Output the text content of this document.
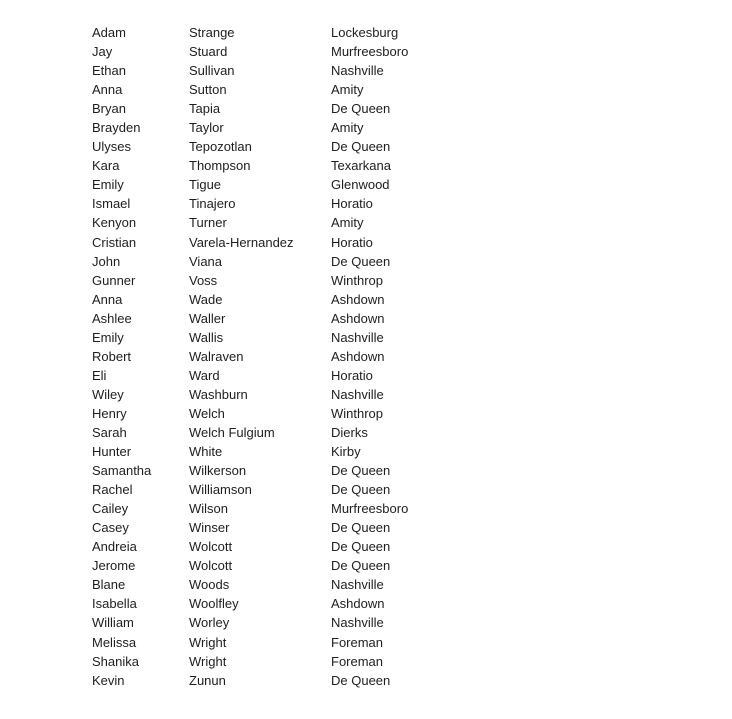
Adam	Strange	Lockesburg
Jay	Stuard	Murfreesboro
Ethan	Sullivan	Nashville
Anna	Sutton	Amity
Bryan	Tapia	De Queen
Brayden	Taylor	Amity
Ulyses	Tepozotlan	De Queen
Kara	Thompson	Texarkana
Emily	Tigue	Glenwood
Ismael	Tinajero	Horatio
Kenyon	Turner	Amity
Cristian	Varela-Hernandez	Horatio
John	Viana	De Queen
Gunner	Voss	Winthrop
Anna	Wade	Ashdown
Ashlee	Waller	Ashdown
Emily	Wallis	Nashville
Robert	Walraven	Ashdown
Eli	Ward	Horatio
Wiley	Washburn	Nashville
Henry	Welch	Winthrop
Sarah	Welch Fulgium	Dierks
Hunter	White	Kirby
Samantha	Wilkerson	De Queen
Rachel	Williamson	De Queen
Cailey	Wilson	Murfreesboro
Casey	Winser	De Queen
Andreia	Wolcott	De Queen
Jerome	Wolcott	De Queen
Blane	Woods	Nashville
Isabella	Woolfley	Ashdown
William	Worley	Nashville
Melissa	Wright	Foreman
Shanika	Wright	Foreman
Kevin	Zunun	De Queen
